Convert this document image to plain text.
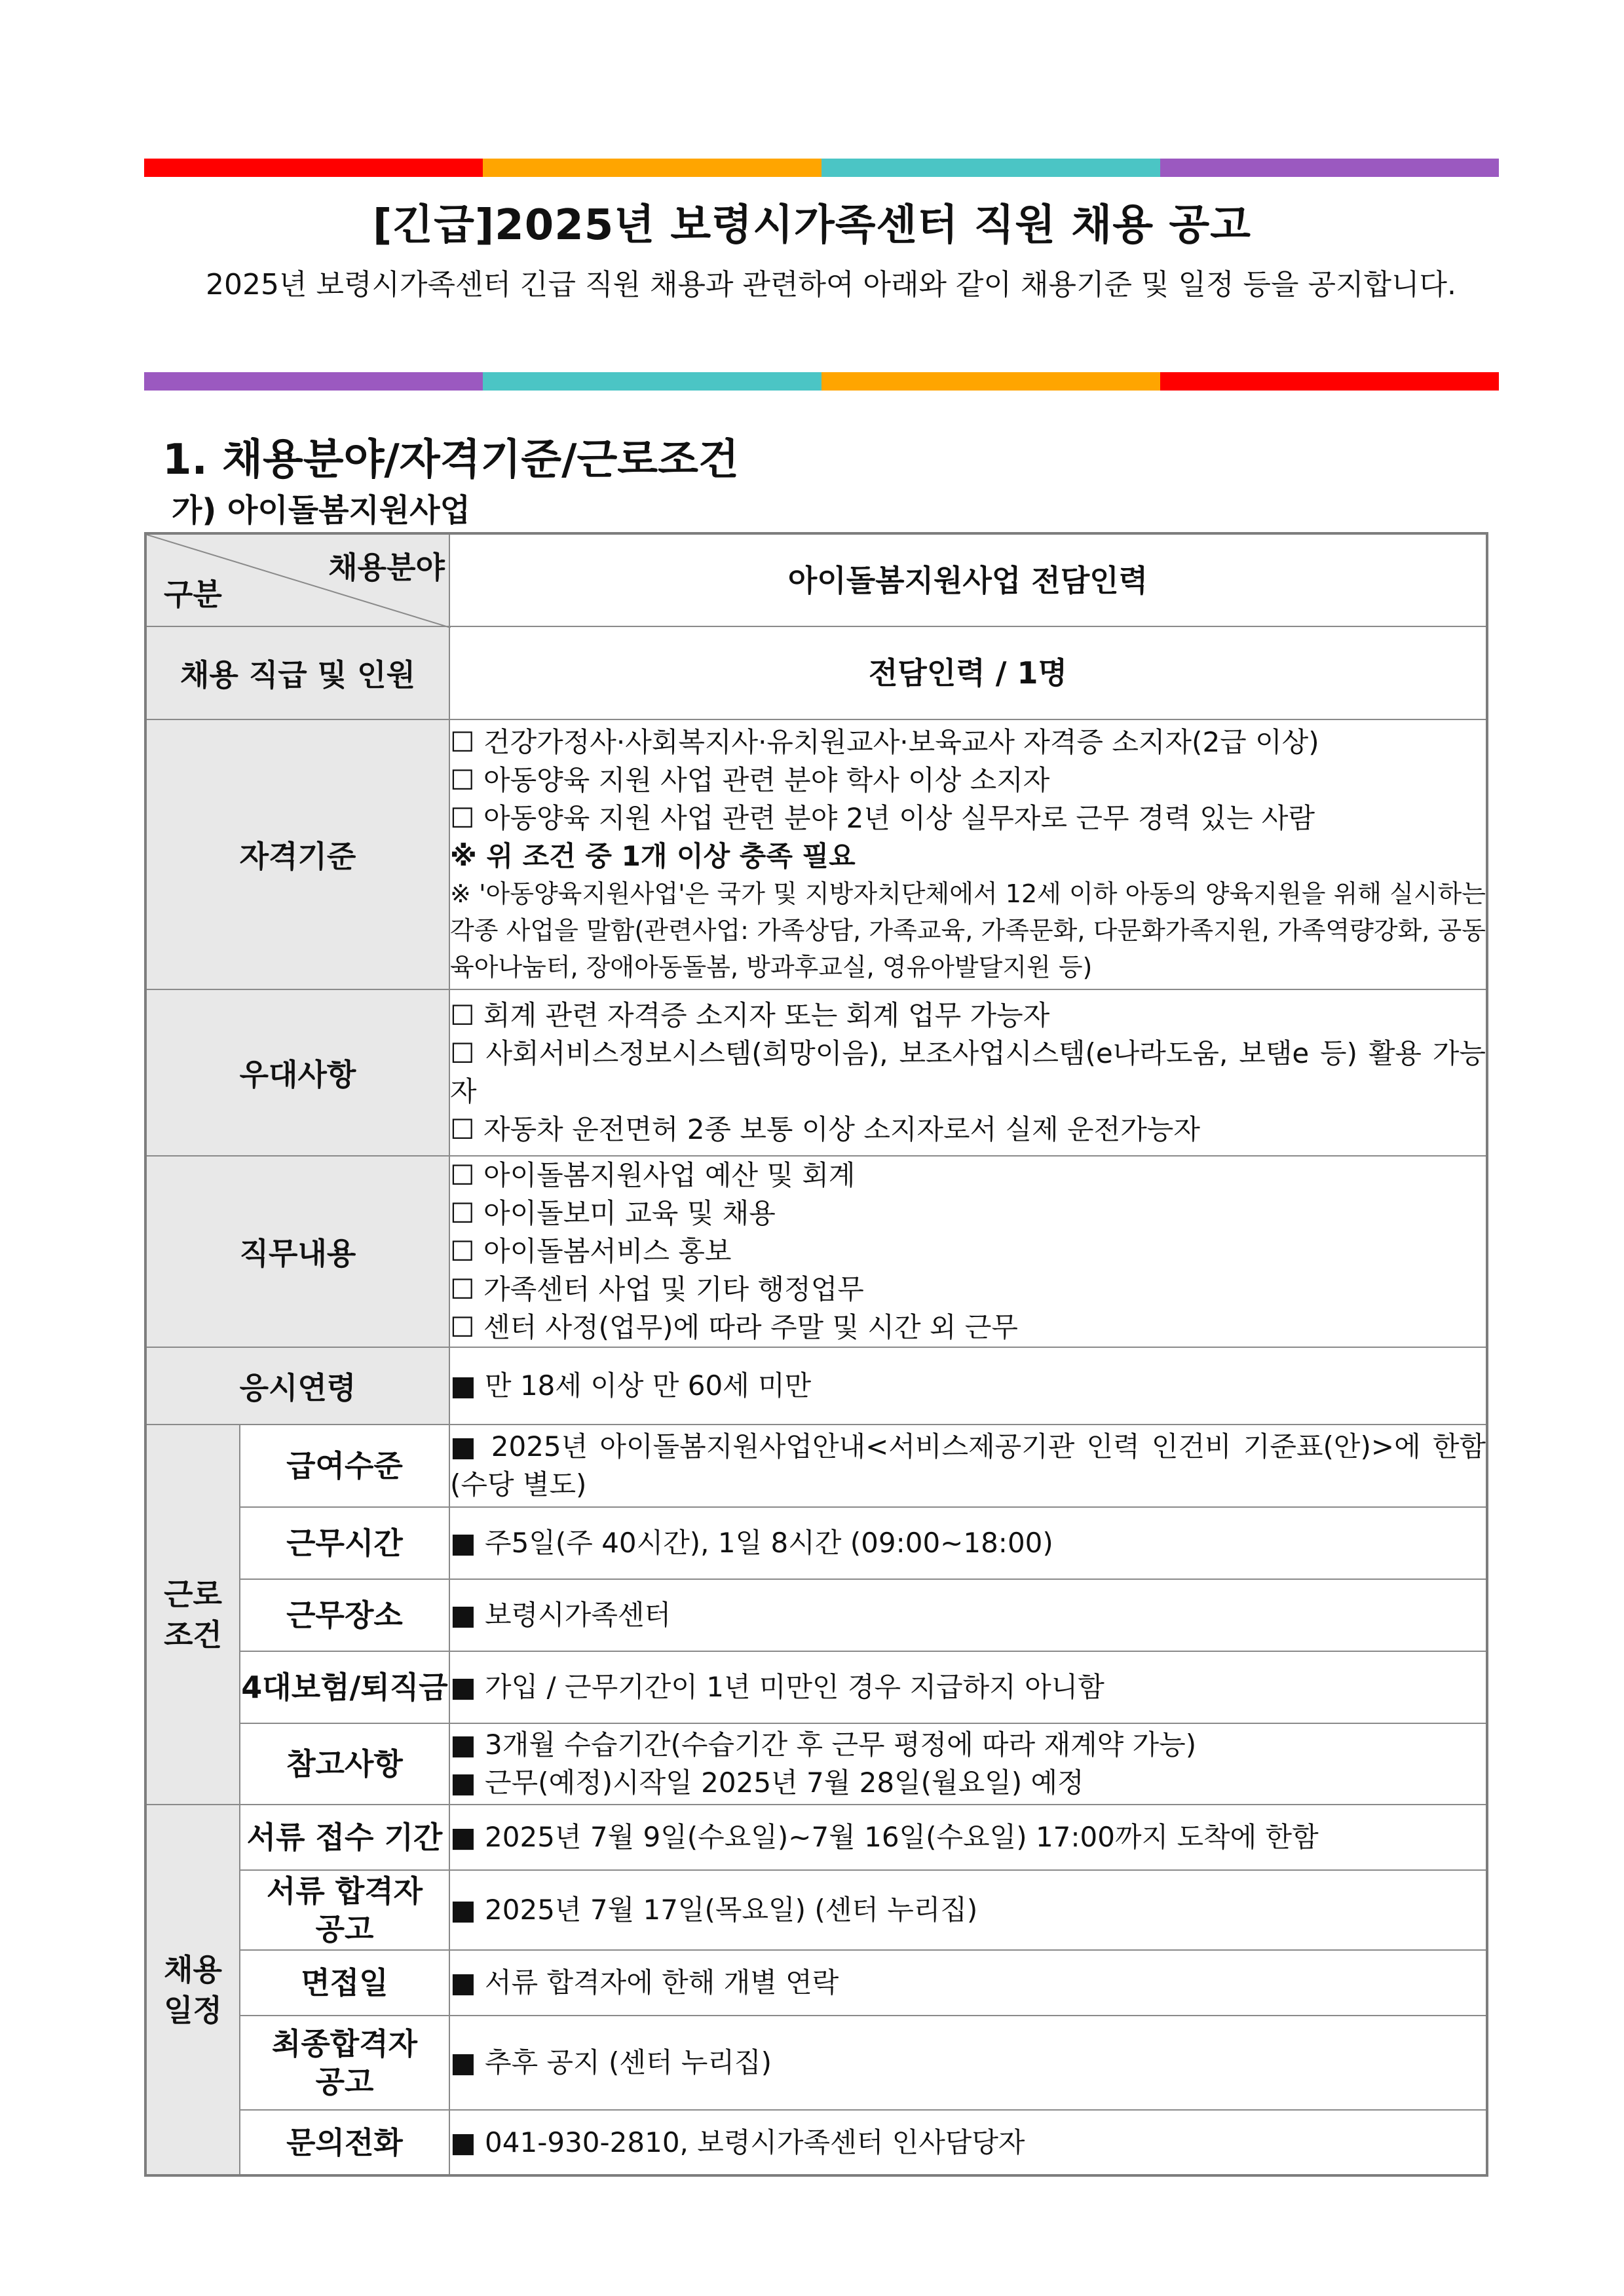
[긴급]2025년 보령시가족센터 직원 채용 공고
2025년 보령시가족센터 긴급 직원 채용과 관련하여 아래와 같이 채용기준 및 일정 등을 공지합니다.
1. 채용분야/자격기준/근로조건
가) 아이돌봄지원사업
채용분야
구분		아이돌봄지원사업 전담인력
채용 직급 및 인원		전담인력 / 1명
자격기준		☐ 건강가정사·사회복지사·유치원교사·보육교사 자격증 소지자(2급 이상)
☐ 아동양육 지원 사업 관련 분야 학사 이상 소지자
☐ 아동양육 지원 사업 관련 분야 2년 이상 실무자로 근무 경력 있는 사람
※ 위 조건 중 1개 이상 충족 필요
※ '아동양육지원사업'은 국가 및 지방자치단체에서 12세 이하 아동의 양육지원을 위해 실시하는 각종 사업을 말함(관련사업: 가족상담, 가족교육, 가족문화, 다문화가족지원, 가족역량강화, 공동육아나눔터, 장애아동돌봄, 방과후교실, 영유아발달지원 등)

우대사항		☐ 회계 관련 자격증 소지자 또는 회계 업무 가능자
☐ 사회서비스정보시스템(희망이음), 보조사업시스템(e나라도움, 보탬e 등) 활용 가능자
☐ 자동차 운전면허 2종 보통 이상 소지자로서 실제 운전가능자

직무내용		☐ 아이돌봄지원사업 예산 및 회계
☐ 아이돌보미 교육 및 채용
☐ 아이돌봄서비스 홍보
☐ 가족센터 사업 및 기타 행정업무
☐ 센터 사정(업무)에 따라 주말 및 시간 외 근무

응시연령		■ 만 18세 이상 만 60세 미만

근로
조건	급여수준	■ 2025년 아이돌봄지원사업안내<서비스제공기관 인력 인건비 기준표(안)>에 한함(수당 별도)
	근무시간	■ 주5일(주 40시간), 1일 8시간 (09:00~18:00)
	근무장소	■ 보령시가족센터
	4대보험/퇴직금	■ 가입 / 근무기간이 1년 미만인 경우 지급하지 아니함
	참고사항	■ 3개월 수습기간(수습기간 후 근무 평정에 따라 재계약 가능)
■ 근무(예정)시작일 2025년 7월 28일(월요일) 예정

채용
일정	서류 접수 기간	■ 2025년 7월 9일(수요일)~7월 16일(수요일) 17:00까지 도착에 한함

	서류 합격자
공고	■ 2025년 7월 17일(목요일) (센터 누리집)
	면접일	■ 서류 합격자에 한해 개별 연락

	최종합격자
공고	■ 추후 공지 (센터 누리집)
	문의전화	■ 041-930-2810, 보령시가족센터 인사담당자
